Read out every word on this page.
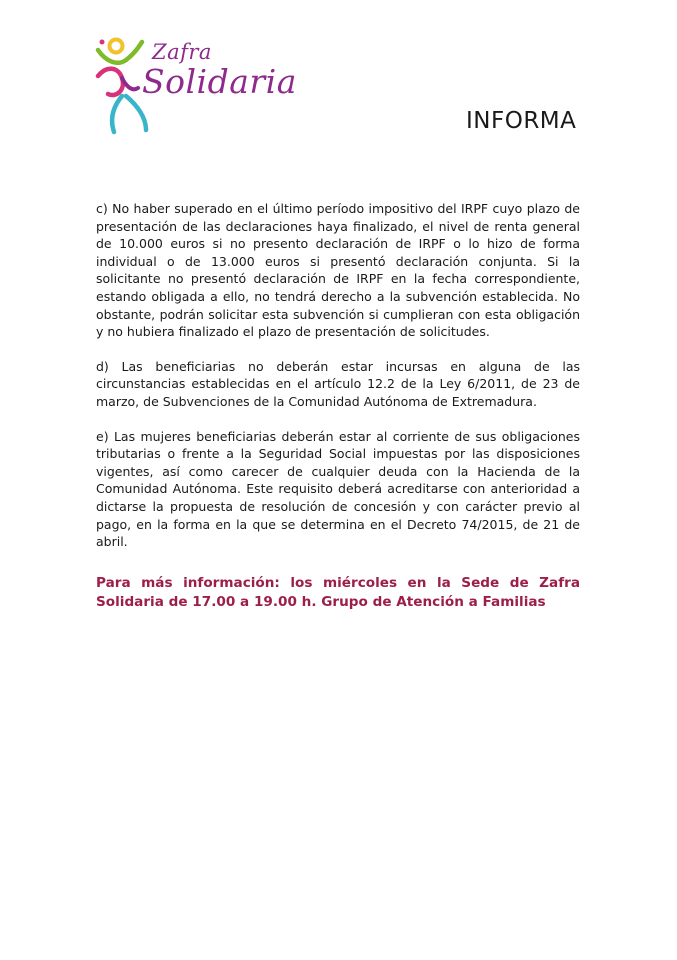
Zafra
Solidaria
INFORMA

c) No haber superado en el último período impositivo del IRPF cuyo plazo de presentación de las declaraciones haya finalizado, el nivel de renta general de 10.000 euros si no presento declaración de IRPF o lo hizo de forma individual o de 13.000 euros si presentó declaración conjunta. Si la solicitante no presentó declaración de IRPF en la fecha correspondiente, estando obligada a ello, no tendrá derecho a la subvención establecida. No obstante, podrán solicitar esta subvención si cumplieran con esta obligación y no hubiera finalizado el plazo de presentación de solicitudes.

d) Las beneficiarias no deberán estar incursas en alguna de las circunstancias establecidas en el artículo 12.2 de la Ley 6/2011, de 23 de marzo, de Subvenciones de la Comunidad Autónoma de Extremadura.

e) Las mujeres beneficiarias deberán estar al corriente de sus obligaciones tributarias o frente a la Seguridad Social impuestas por las disposiciones vigentes, así como carecer de cualquier deuda con la Hacienda de la Comunidad Autónoma. Este requisito deberá acreditarse con anterioridad a dictarse la propuesta de resolución de concesión y con carácter previo al pago, en la forma en la que se determina en el Decreto 74/2015, de 21 de abril.

Para más información: los miércoles en la Sede de Zafra Solidaria de 17.00 a 19.00 h. Grupo de Atención a Familias
